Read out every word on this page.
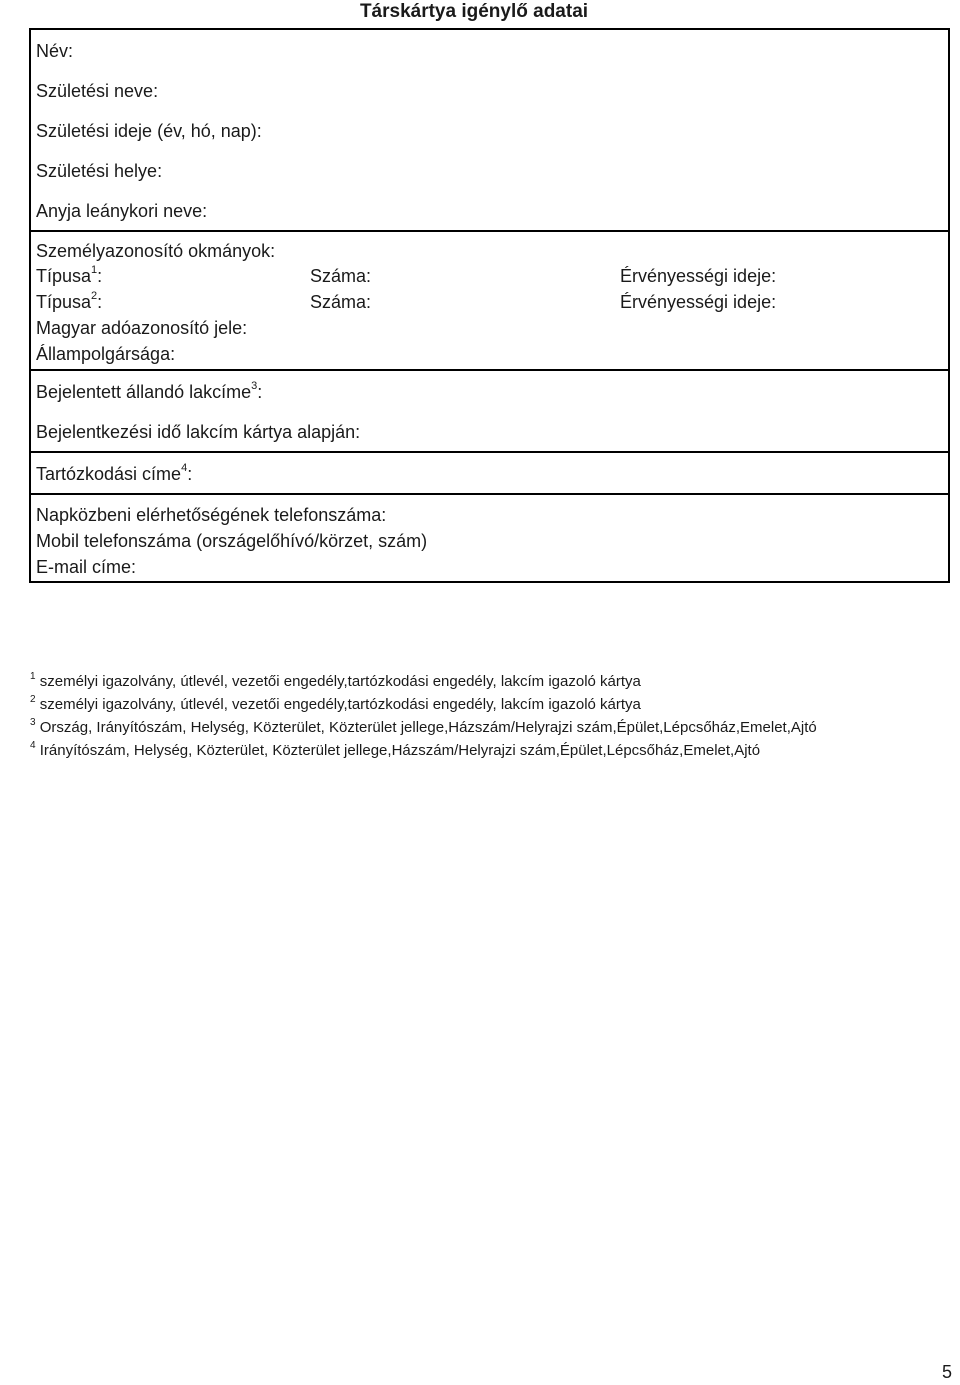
Társkártya igénylő adatai
Név:
Születési neve:
Születési ideje (év, hó, nap):
Születési helye:
Anyja leánykori neve:
Személyazonosító okmányok:
Típusa$^1$:	Száma:	Érvényességi ideje:
Típusa$^2$:	Száma:	Érvényességi ideje:
Magyar adóazonosító jele:
Állampolgársága:
Bejelentett állandó lakcíme$^3$:
Bejelentkezési idő lakcím kártya alapján:
Tartózkodási címe$^4$:
Napközbeni elérhetőségének telefonszáma:
Mobil telefonszáma (országelőhívó/körzet, szám)
E-mail címe:
$^1$ személyi igazolvány, útlevél, vezetői engedély,tartózkodási engedély, lakcím igazoló kártya
$^2$ személyi igazolvány, útlevél, vezetői engedély,tartózkodási engedély, lakcím igazoló kártya
$^3$ Ország, Irányítószám, Helység, Közterület, Közterület jellege,Házszám/Helyrajzi szám,Épület,Lépcsőház,Emelet,Ajtó
$^4$ Irányítószám, Helység, Közterület, Közterület jellege,Házszám/Helyrajzi szám,Épület,Lépcsőház,Emelet,Ajtó
5
